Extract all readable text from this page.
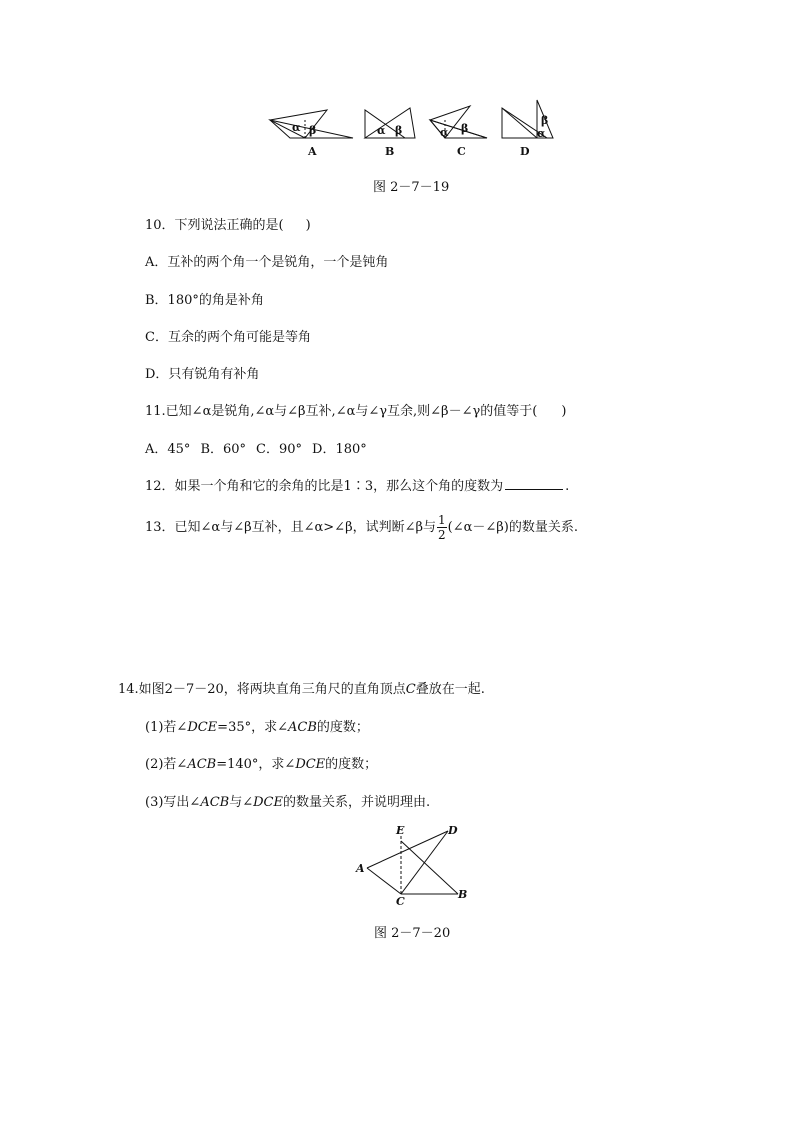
α β
A
α β
B
α β
C
β
α
D
图 2－7－19
10．下列说法正确的是( )
A．互补的两个角一个是锐角，一个是钝角
B．180°的角是补角
C．互余的两个角可能是等角
D．只有锐角有补角
11.已知∠α是锐角,∠α与∠β互补,∠α与∠γ互余,则∠β－∠γ的值等于( )
A．45° B．60° C．90° D．180°
12．如果一个角和它的余角的比是1∶3，那么这个角的度数为	.
13．已知∠α与∠β互补，且∠α>∠β，试判断∠β与 $\frac{1}{2}$ (∠α－∠β)的数量关系.
14.如图2－7－20，将两块直角三角尺的直角顶点C叠放在一起.
(1)若∠DCE=35°，求∠ACB的度数；
(2)若∠ACB=140°，求∠DCE的度数；
(3)写出∠ACB与∠DCE的数量关系，并说明理由.
E	D
A
C
B
图 2－7－20
